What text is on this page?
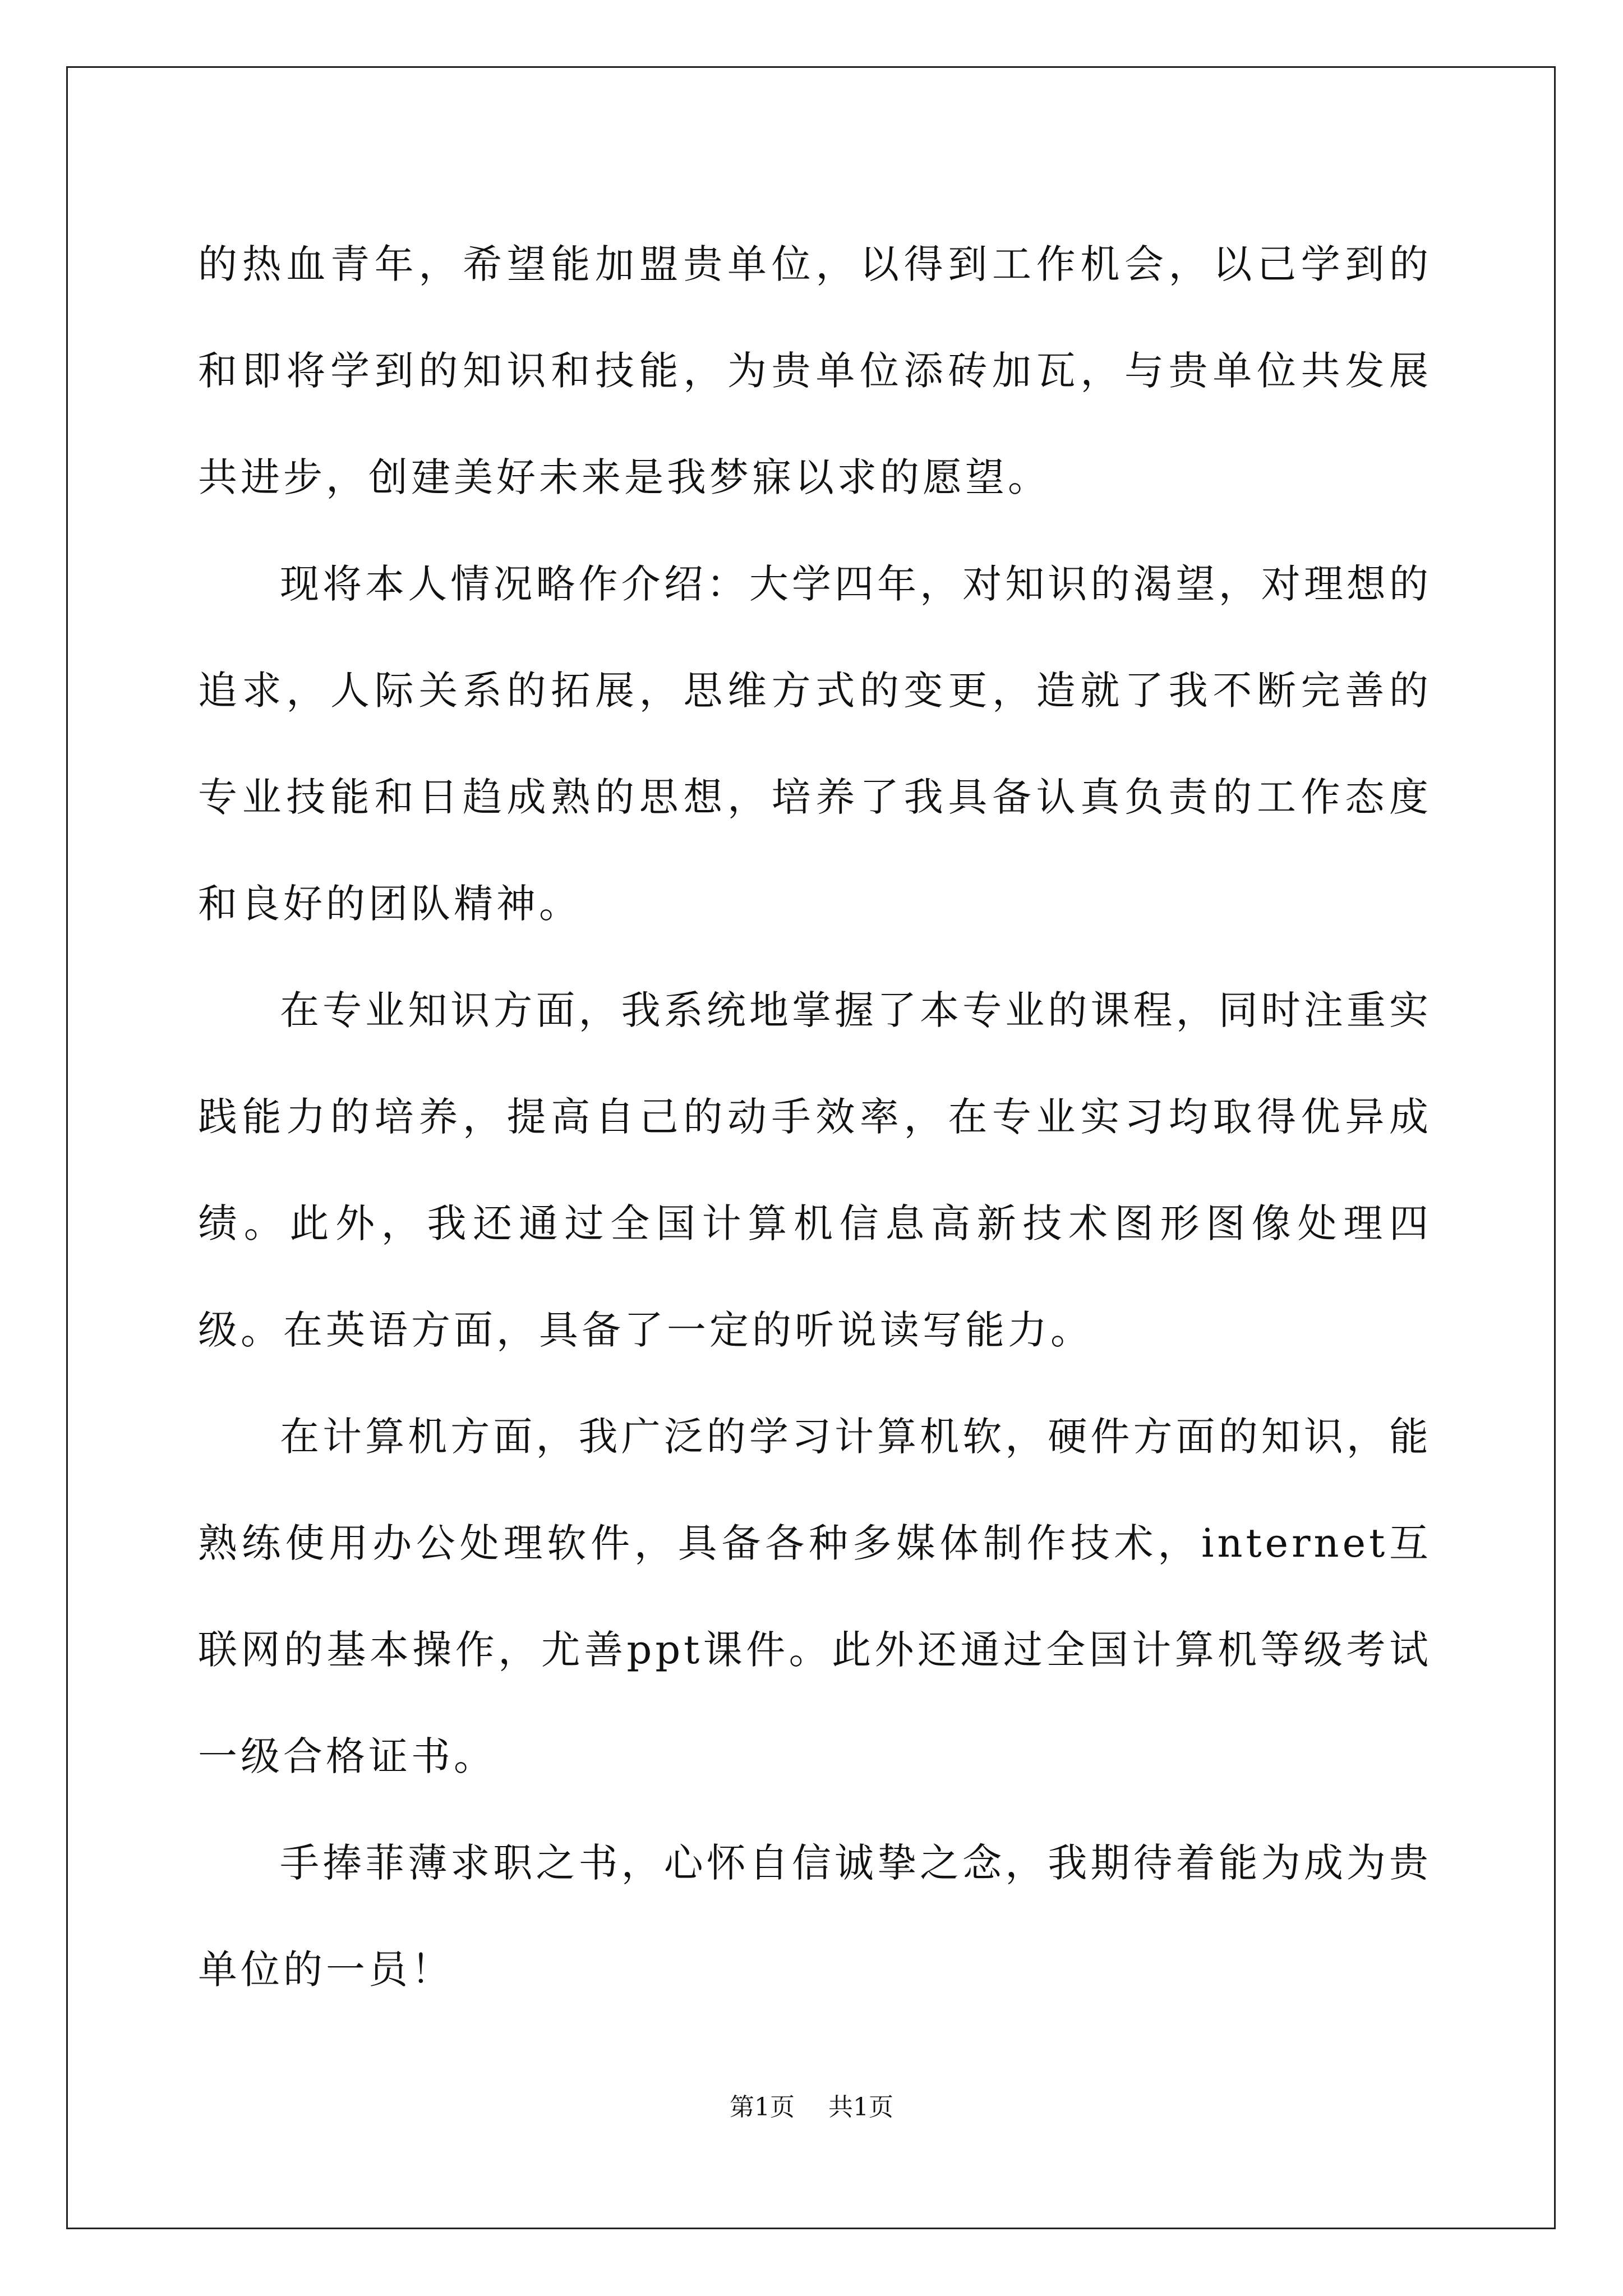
的热血青年，希望能加盟贵单位，以得到工作机会，以己学到的和即将学到的知识和技能，为贵单位添砖加瓦，与贵单位共发展共进步，创建美好未来是我梦寐以求的愿望。

现将本人情况略作介绍：大学四年，对知识的渴望，对理想的追求，人际关系的拓展，思维方式的变更，造就了我不断完善的专业技能和日趋成熟的思想，培养了我具备认真负责的工作态度和良好的团队精神。

在专业知识方面，我系统地掌握了本专业的课程，同时注重实践能力的培养，提高自己的动手效率，在专业实习均取得优异成绩。此外，我还通过全国计算机信息高新技术图形图像处理四级。在英语方面，具备了一定的听说读写能力。

在计算机方面，我广泛的学习计算机软，硬件方面的知识，能熟练使用办公处理软件，具备各种多媒体制作技术，internet互联网的基本操作，尤善ppt课件。此外还通过全国计算机等级考试一级合格证书。

手捧菲薄求职之书，心怀自信诚挚之念，我期待着能为成为贵单位的一员！

第1页 共1页
